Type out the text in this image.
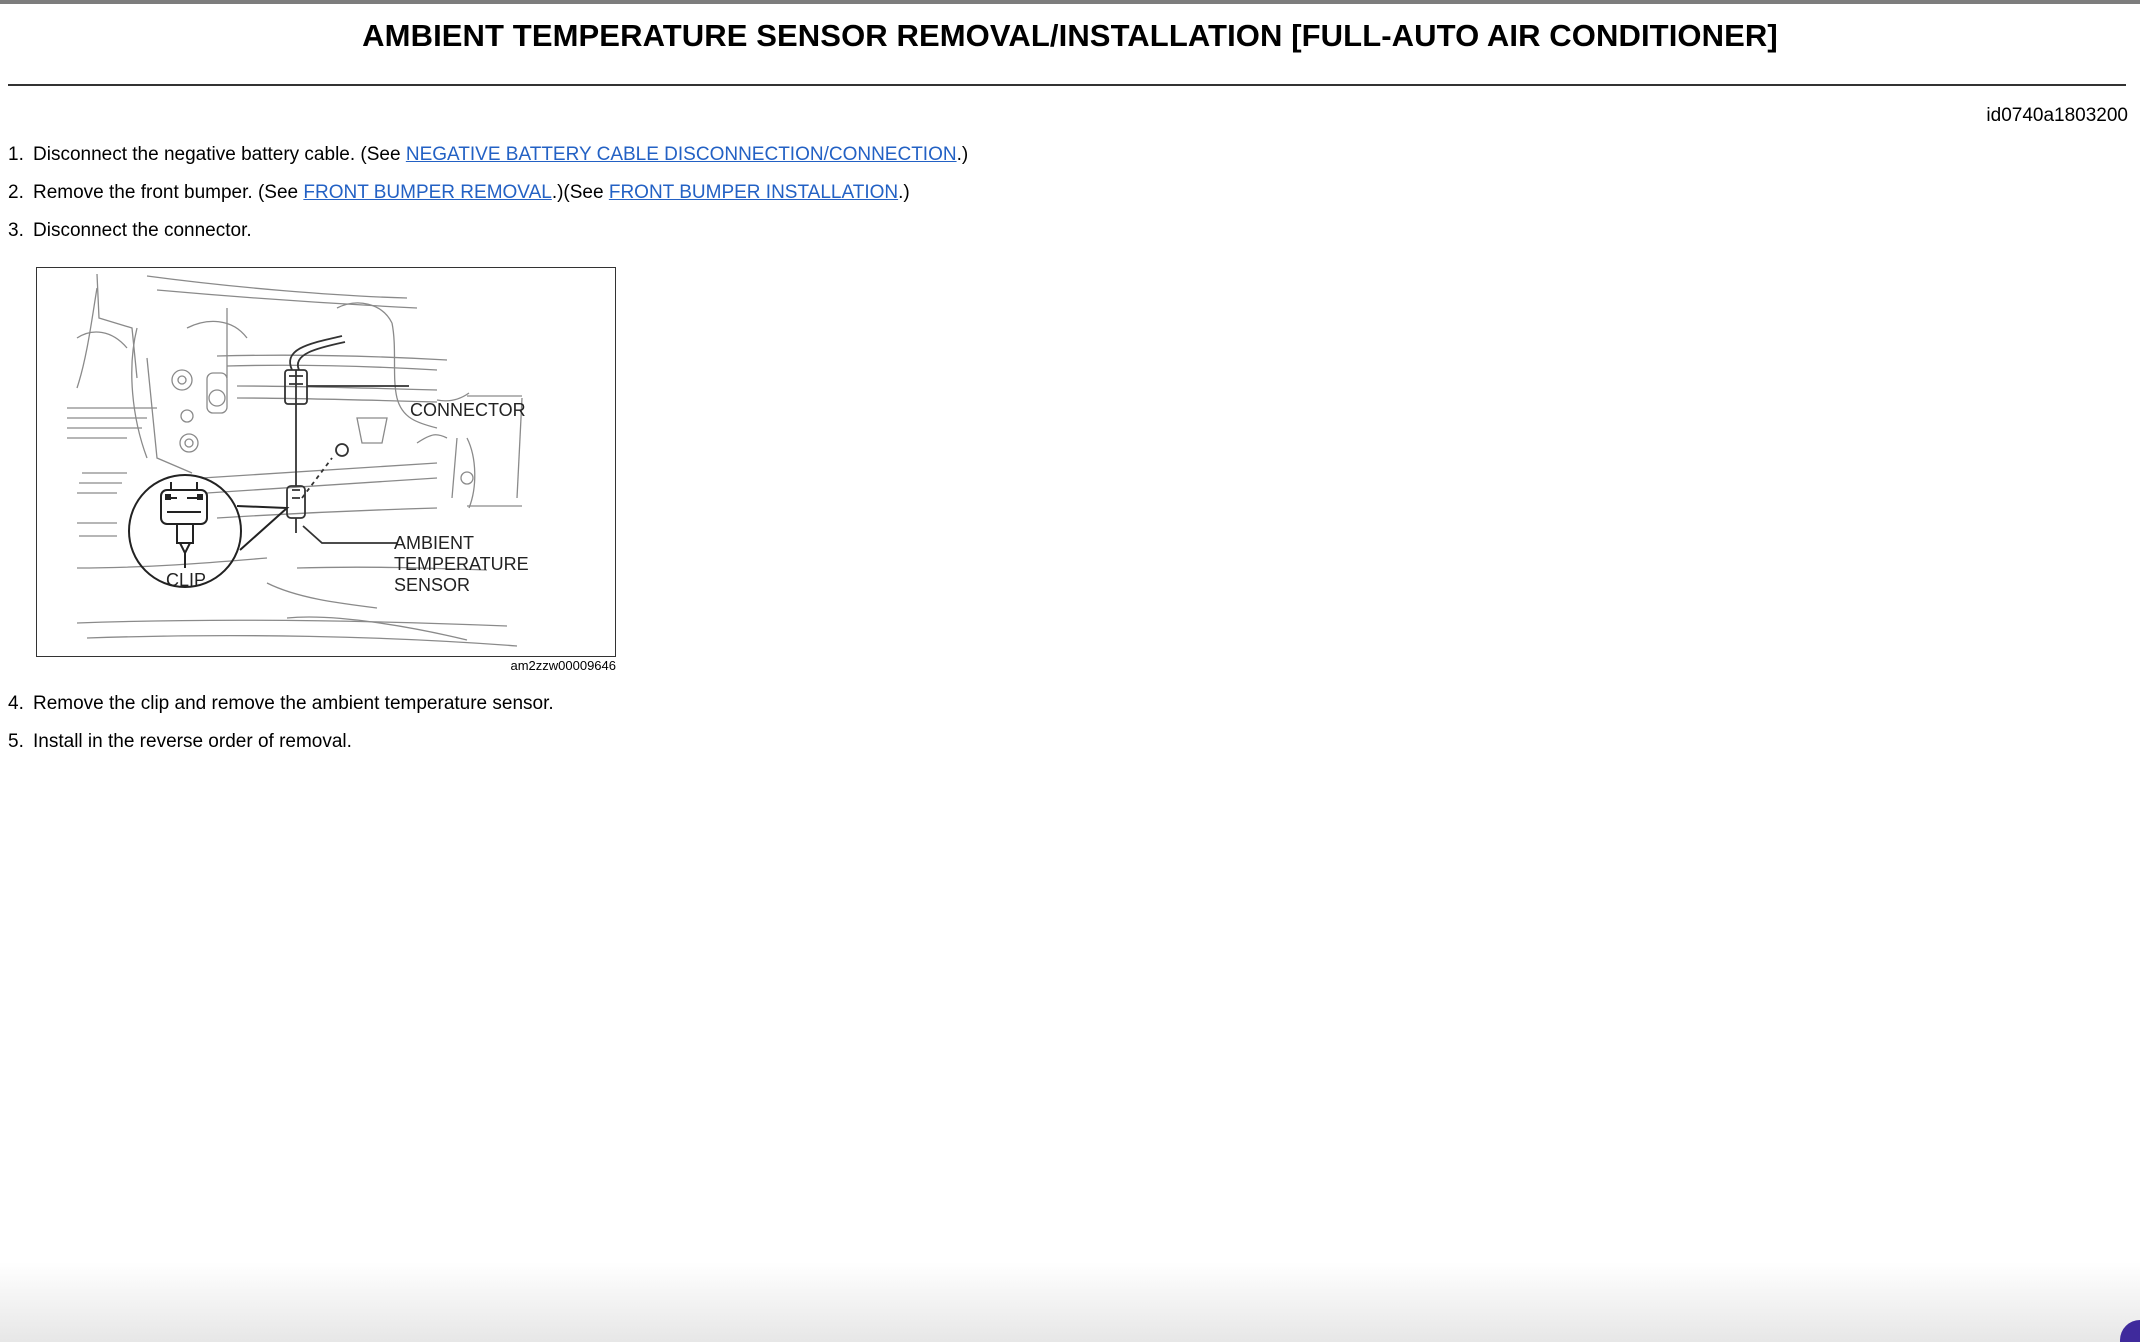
AMBIENT TEMPERATURE SENSOR REMOVAL/INSTALLATION [FULL-AUTO AIR CONDITIONER]
id0740a1803200
1. Disconnect the negative battery cable. (See NEGATIVE BATTERY CABLE DISCONNECTION/CONNECTION.)
2. Remove the front bumper. (See FRONT BUMPER REMOVAL.)(See FRONT BUMPER INSTALLATION.)
3. Disconnect the connector.
CONNECTOR
AMBIENT
TEMPERATURE
SENSOR
CLIP
am2zzw00009646
4. Remove the clip and remove the ambient temperature sensor.
5. Install in the reverse order of removal.
